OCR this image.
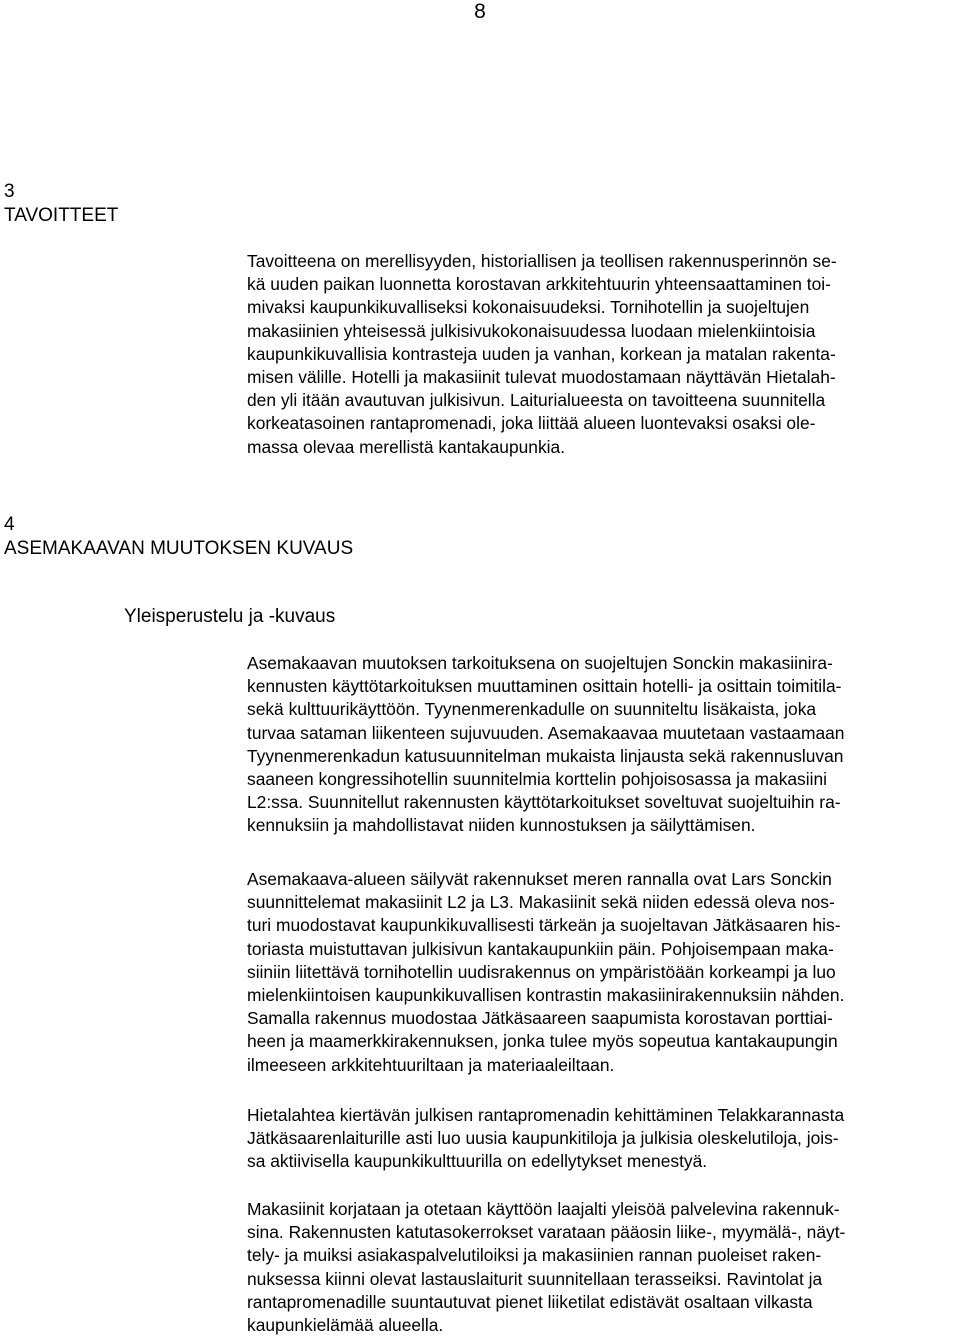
8
3
TAVOITTEET
Tavoitteena on merellisyyden, historiallisen ja teollisen rakennusperinnön se-
kä uuden paikan luonnetta korostavan arkkitehtuurin yhteensaattaminen toi-
mivaksi kaupunkikuvalliseksi kokonaisuudeksi. Tornihotellin ja suojeltujen
makasiinien yhteisessä julkisivukokonaisuudessa luodaan mielenkiintoisia
kaupunkikuvallisia kontrasteja uuden ja vanhan, korkean ja matalan rakenta-
misen välille. Hotelli ja makasiinit tulevat muodostamaan näyttävän Hietalah-
den yli itään avautuvan julkisivun. Laiturialueesta on tavoitteena suunnitella
korkeatasoinen rantapromenadi, joka liittää alueen luontevaksi osaksi ole-
massa olevaa merellistä kantakaupunkia.
4
ASEMAKAAVAN MUUTOKSEN KUVAUS
Yleisperustelu ja -kuvaus
Asemakaavan muutoksen tarkoituksena on suojeltujen Sonckin makasiinira-
kennusten käyttötarkoituksen muuttaminen osittain hotelli- ja osittain toimitila-
sekä kulttuurikäyttöön. Tyynenmerenkadulle on suunniteltu lisäkaista, joka
turvaa sataman liikenteen sujuvuuden. Asemakaavaa muutetaan vastaamaan
Tyynenmerenkadun katusuunnitelman mukaista linjausta sekä rakennusluvan
saaneen kongressihotellin suunnitelmia korttelin pohjoisosassa ja makasiini
L2:ssa. Suunnitellut rakennusten käyttötarkoitukset soveltuvat suojeltuihin ra-
kennuksiin ja mahdollistavat niiden kunnostuksen ja säilyttämisen.
Asemakaava-alueen säilyvät rakennukset meren rannalla ovat Lars Sonckin
suunnittelemat makasiinit L2 ja L3. Makasiinit sekä niiden edessä oleva nos-
turi muodostavat kaupunkikuvallisesti tärkeän ja suojeltavan Jätkäsaaren his-
toriasta muistuttavan julkisivun kantakaupunkiin päin. Pohjoisempaan maka-
siiniin liitettävä tornihotellin uudisrakennus on ympäristöään korkeampi ja luo
mielenkiintoisen kaupunkikuvallisen kontrastin makasiinirakennuksiin nähden.
Samalla rakennus muodostaa Jätkäsaareen saapumista korostavan porttiai-
heen ja maamerkkirakennuksen, jonka tulee myös sopeutua kantakaupungin
ilmeeseen arkkitehtuuriltaan ja materiaaleiltaan.
Hietalahtea kiertävän julkisen rantapromenadin kehittäminen Telakkarannasta
Jätkäsaarenlaiturille asti luo uusia kaupunkitiloja ja julkisia oleskelutiloja, jois-
sa aktiivisella kaupunkikulttuurilla on edellytykset menestyä.
Makasiinit korjataan ja otetaan käyttöön laajalti yleisöä palvelevina rakennuk-
sina. Rakennusten katutasokerrokset varataan pääosin liike-, myymälä-, näyt-
tely- ja muiksi asiakaspalvelutiloiksi ja makasiinien rannan puoleiset raken-
nuksessa kiinni olevat lastauslaiturit suunnitellaan terasseiksi. Ravintolat ja
rantapromenadille suuntautuvat pienet liiketilat edistävät osaltaan vilkasta
kaupunkielämää alueella.
